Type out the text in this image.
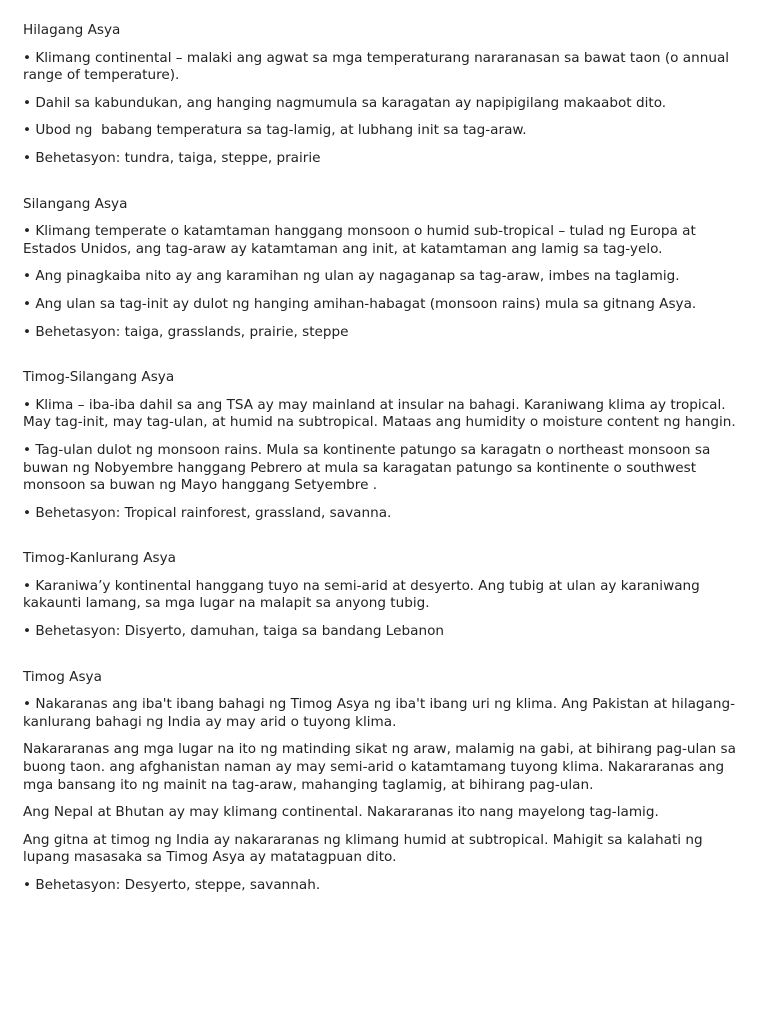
Hilagang Asya

• Klimang continental – malaki ang agwat sa mga temperaturang nararanasan sa bawat taon (o annual range of temperature).

• Dahil sa kabundukan, ang hanging nagmumula sa karagatan ay napipigilang makaabot dito.

• Ubod ng  babang temperatura sa tag-lamig, at lubhang init sa tag-araw.

• Behetasyon: tundra, taiga, steppe, prairie

Silangang Asya

• Klimang temperate o katamtaman hanggang monsoon o humid sub-tropical – tulad ng Europa at Estados Unidos, ang tag-araw ay katamtaman ang init, at katamtaman ang lamig sa tag-yelo.

• Ang pinagkaiba nito ay ang karamihan ng ulan ay nagaganap sa tag-araw, imbes na taglamig.

• Ang ulan sa tag-init ay dulot ng hanging amihan-habagat (monsoon rains) mula sa gitnang Asya.

• Behetasyon: taiga, grasslands, prairie, steppe

Timog-Silangang Asya

• Klima – iba-iba dahil sa ang TSA ay may mainland at insular na bahagi. Karaniwang klima ay tropical. May tag-init, may tag-ulan, at humid na subtropical. Mataas ang humidity o moisture content ng hangin.

• Tag-ulan dulot ng monsoon rains. Mula sa kontinente patungo sa karagatn o northeast monsoon sa buwan ng Nobyembre hanggang Pebrero at mula sa karagatan patungo sa kontinente o southwest monsoon sa buwan ng Mayo hanggang Setyembre .

• Behetasyon: Tropical rainforest, grassland, savanna.

Timog-Kanlurang Asya

• Karaniwa’y kontinental hanggang tuyo na semi-arid at desyerto. Ang tubig at ulan ay karaniwang kakaunti lamang, sa mga lugar na malapit sa anyong tubig.

• Behetasyon: Disyerto, damuhan, taiga sa bandang Lebanon

Timog Asya

• Nakaranas ang iba't ibang bahagi ng Timog Asya ng iba't ibang uri ng klima. Ang Pakistan at hilagang-kanlurang bahagi ng India ay may arid o tuyong klima.

Nakararanas ang mga lugar na ito ng matinding sikat ng araw, malamig na gabi, at bihirang pag-ulan sa buong taon. ang afghanistan naman ay may semi-arid o katamtamang tuyong klima. Nakararanas ang mga bansang ito ng mainit na tag-araw, mahanging taglamig, at bihirang pag-ulan.

Ang Nepal at Bhutan ay may klimang continental. Nakararanas ito nang mayelong tag-lamig.

Ang gitna at timog ng India ay nakararanas ng klimang humid at subtropical. Mahigit sa kalahati ng lupang masasaka sa Timog Asya ay matatagpuan dito.

• Behetasyon: Desyerto, steppe, savannah.
